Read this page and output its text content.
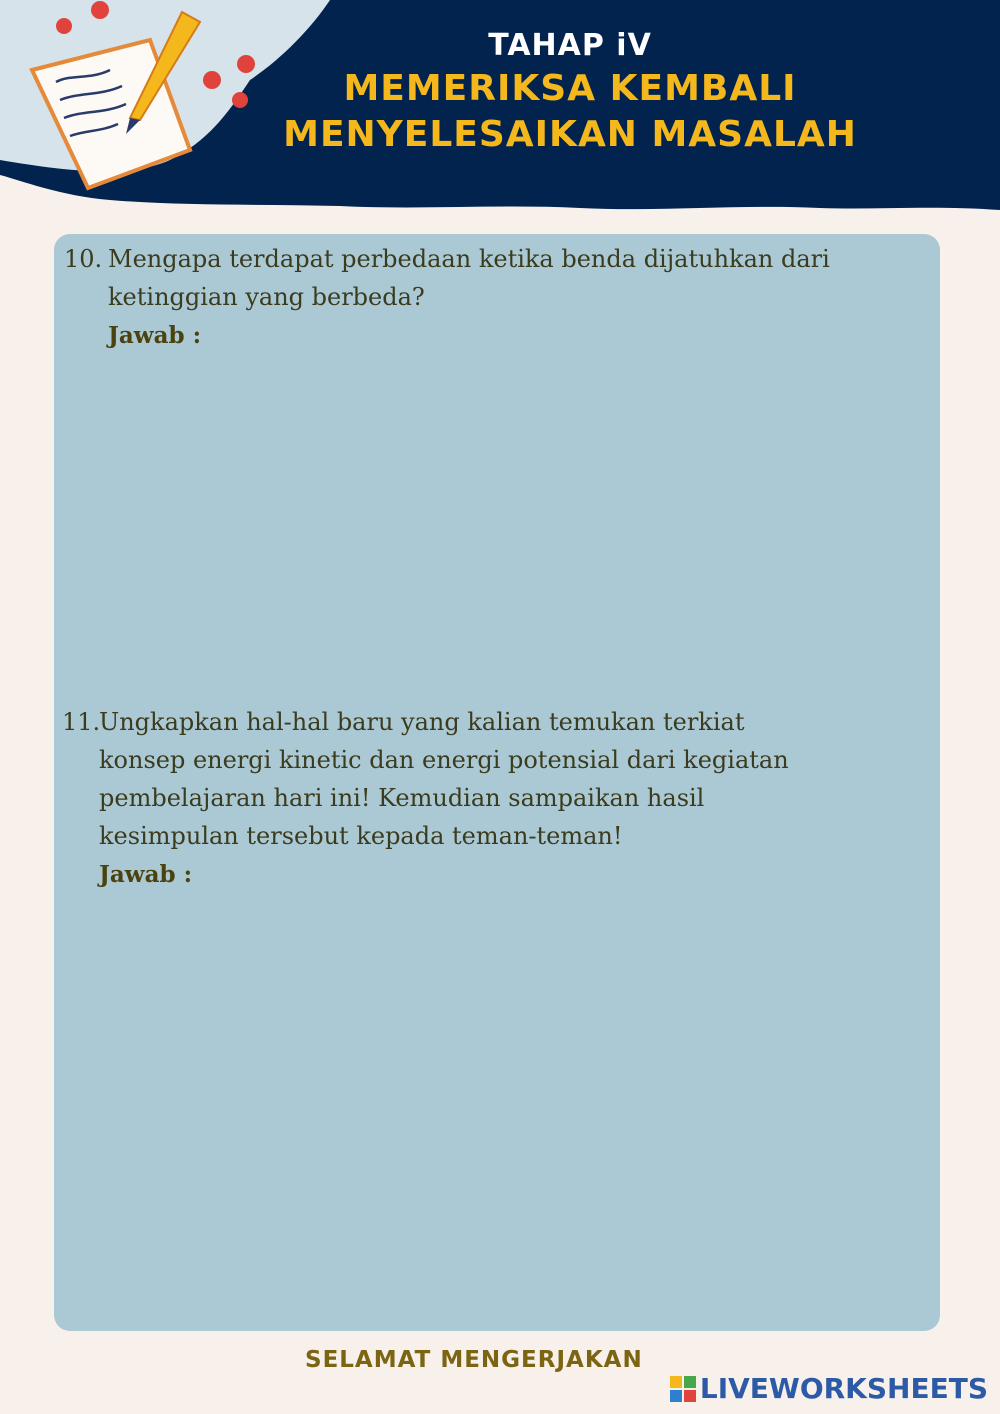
TAHAP iV
MEMERIKSA KEMBALI
MENYELESAIKAN MASALAH
10. Mengapa terdapat perbedaan ketika benda dijatuhkan dari
ketinggian yang berbeda?
Jawab :
11.
Ungkapkan hal-hal baru yang kalian temukan terkiat
konsep energi kinetic dan energi potensial dari kegiatan
pembelajaran hari ini! Kemudian sampaikan hasil
kesimpulan tersebut kepada teman-teman!
Jawab :
SELAMAT MENGERJAKAN
LIVEWORKSHEETS
